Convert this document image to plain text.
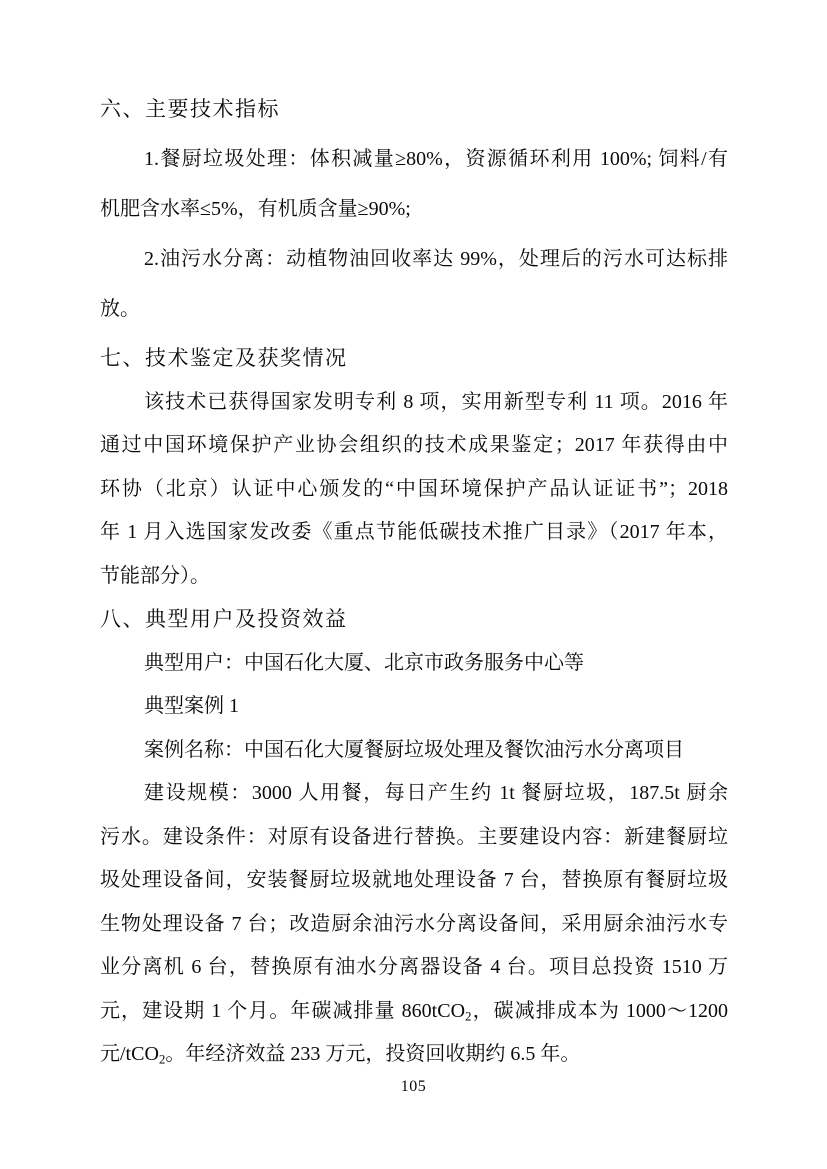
六、主要技术指标
1.餐厨垃圾处理：体积减量≥80%，资源循环利用 100%; 饲料/有
机肥含水率≤5%，有机质含量≥90%;
2.油污水分离：动植物油回收率达 99%，处理后的污水可达标排
放。
七、技术鉴定及获奖情况
该技术已获得国家发明专利 8 项，实用新型专利 11 项。2016 年
通过中国环境保护产业协会组织的技术成果鉴定；2017 年获得由中
环协（北京）认证中心颁发的“中国环境保护产品认证证书”；2018
年 1 月入选国家发改委《重点节能低碳技术推广目录》（2017 年本，
节能部分）。
八、典型用户及投资效益
典型用户：中国石化大厦、北京市政务服务中心等
典型案例 1
案例名称：中国石化大厦餐厨垃圾处理及餐饮油污水分离项目
建设规模：3000 人用餐，每日产生约 1t 餐厨垃圾，187.5t 厨余
污水。建设条件：对原有设备进行替换。主要建设内容：新建餐厨垃
圾处理设备间，安装餐厨垃圾就地处理设备 7 台，替换原有餐厨垃圾
生物处理设备 7 台；改造厨余油污水分离设备间，采用厨余油污水专
业分离机 6 台，替换原有油水分离器设备 4 台。项目总投资 1510 万
元，建设期 1 个月。年碳减排量 860tCO$_2$，碳减排成本为 1000～1200
元/tCO$_2$。年经济效益 233 万元，投资回收期约 6.5 年。
105
